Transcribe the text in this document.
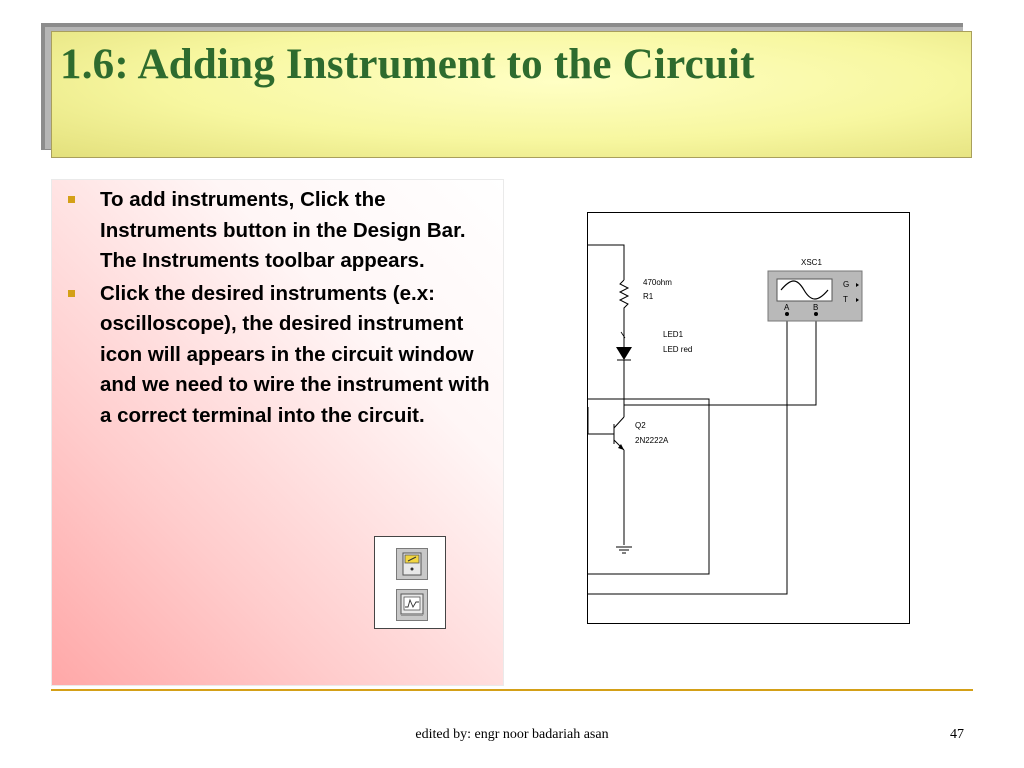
1.6: Adding Instrument to the Circuit
To add instruments, Click the Instruments button in the Design Bar. The Instruments toolbar appears.
Click the desired instruments (e.x: oscilloscope), the desired instrument icon will appears in the circuit window and we need to wire the instrument with a correct terminal into the circuit.
XSC1
A	B
G
T
470ohm
R1
LED1
LED red
Q2
2N2222A
edited by: engr noor badariah asan	47
